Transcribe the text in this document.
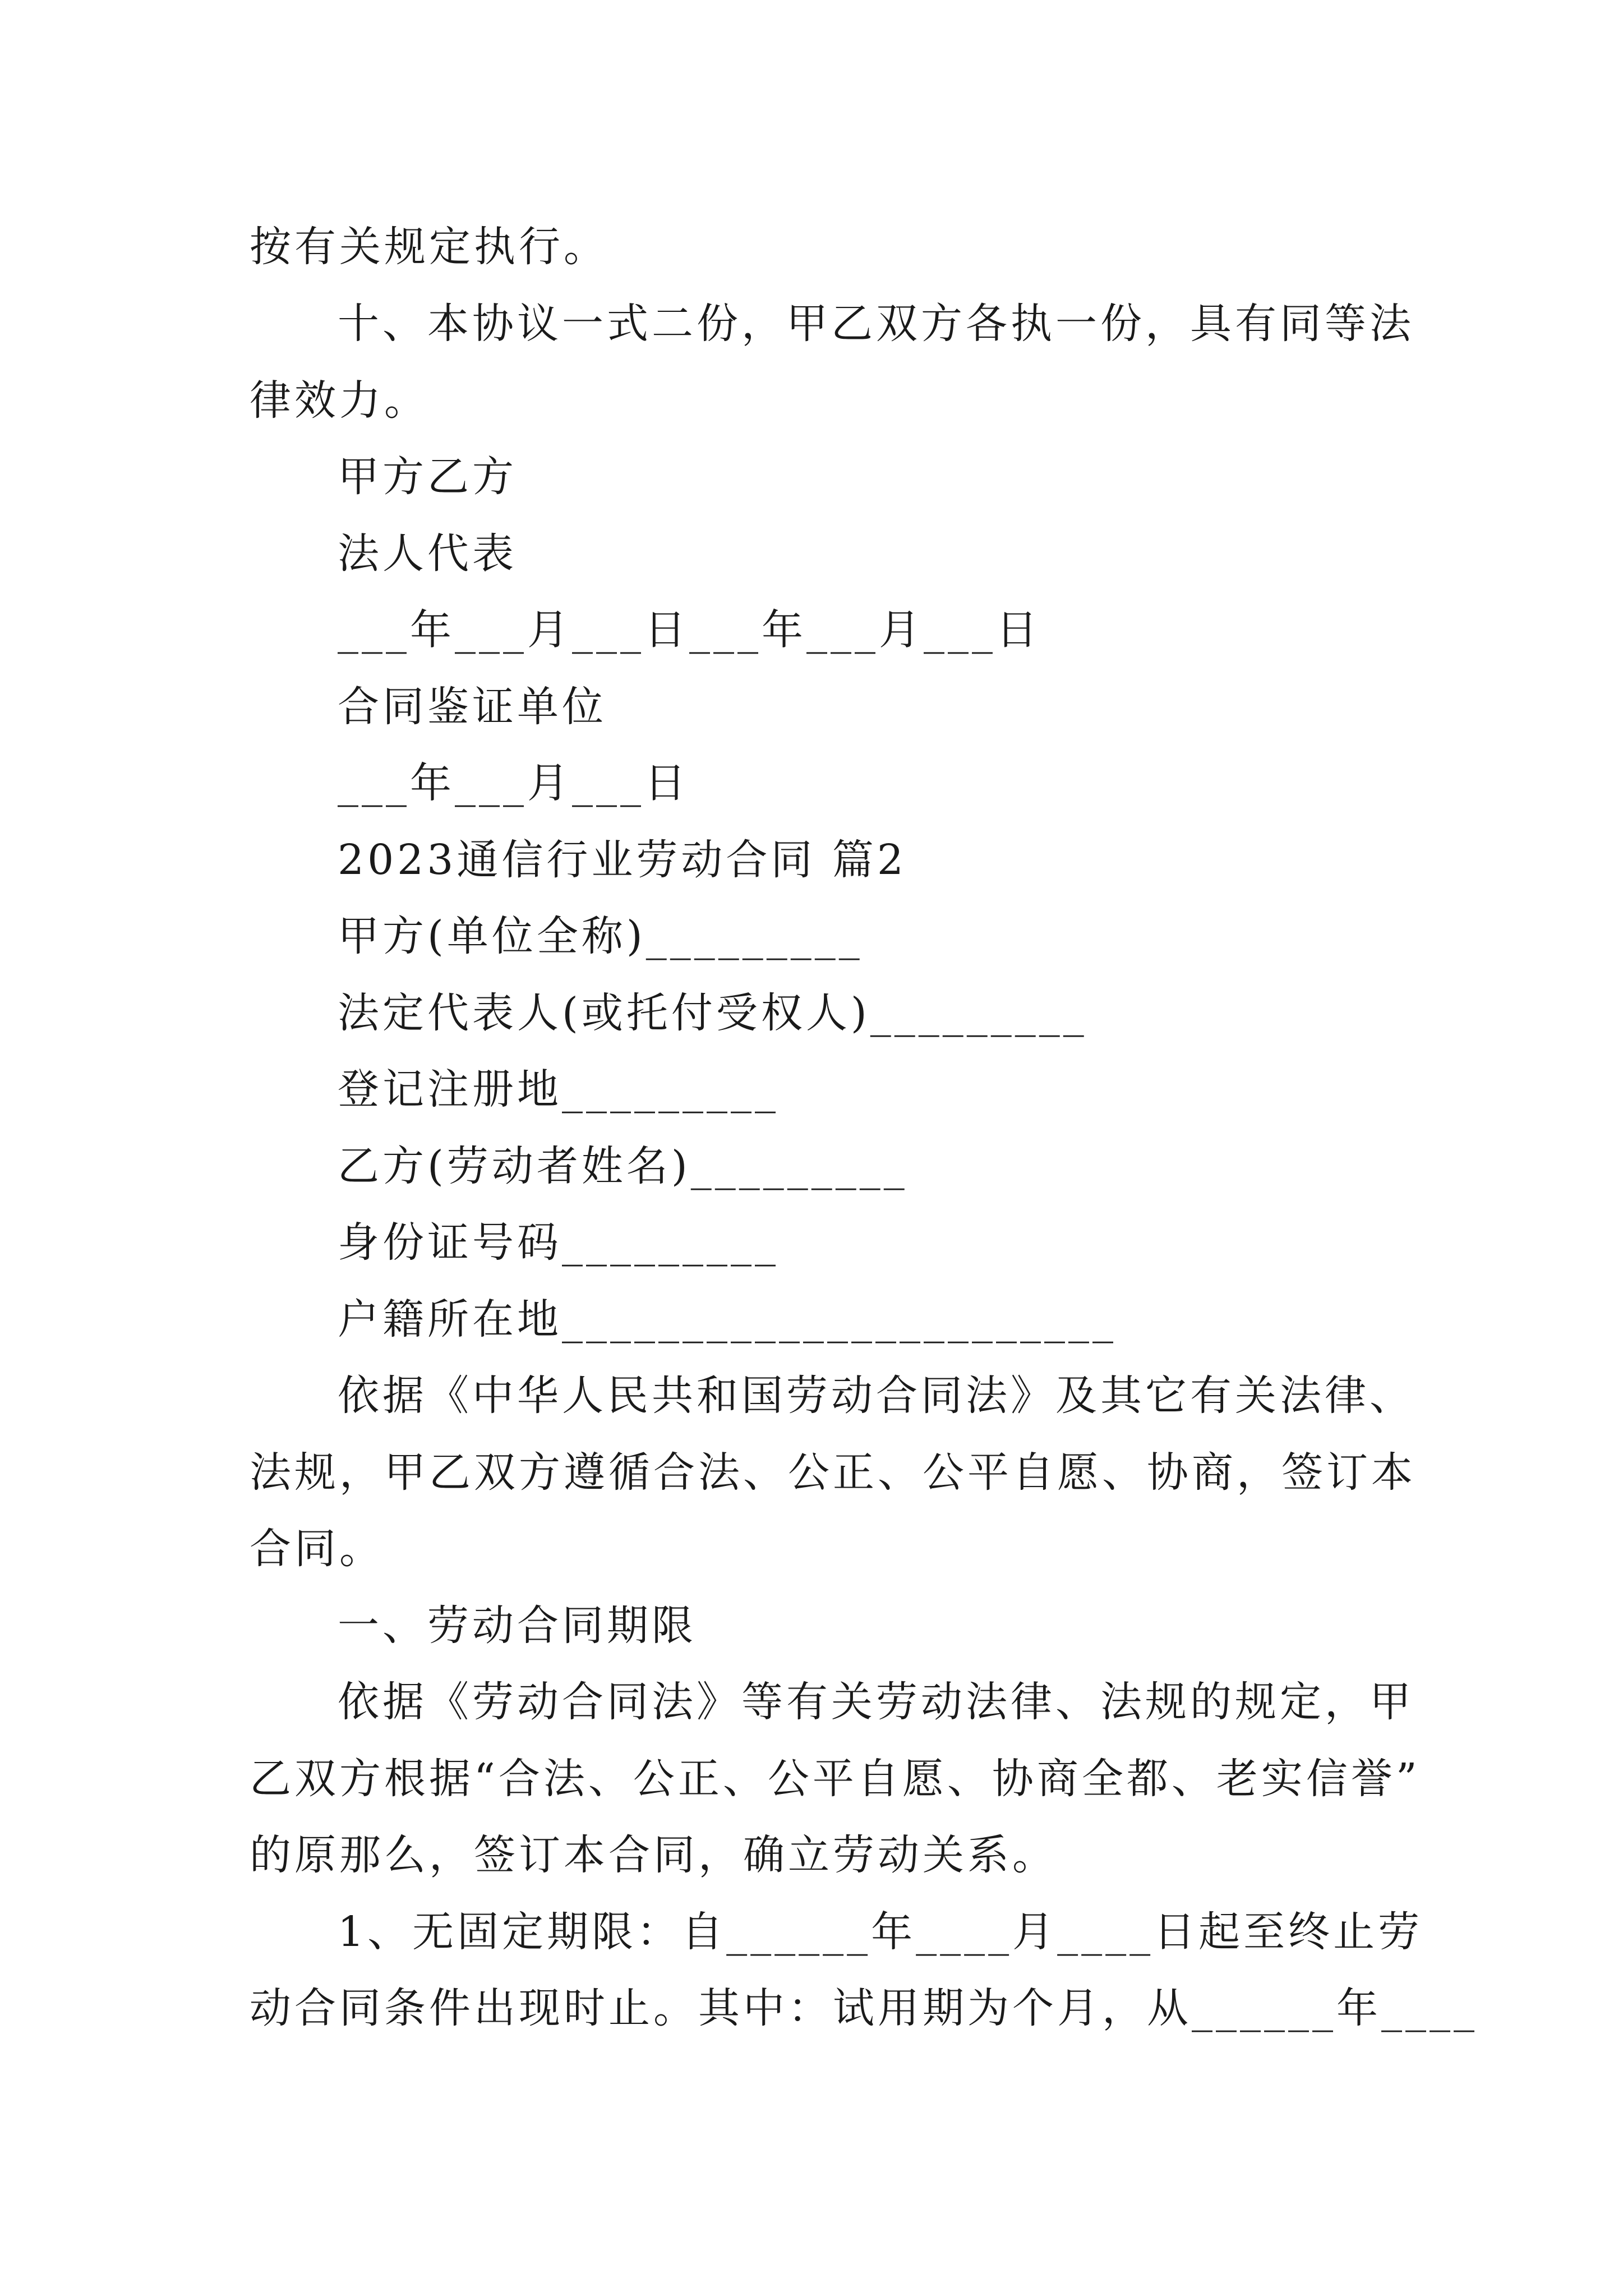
按有关规定执行。
十、本协议一式二份，甲乙双方各执一份，具有同等法
律效力。
甲方乙方
法人代表
___年___月___日___年___月___日
合同鉴证单位
___年___月___日
2023通信行业劳动合同 篇2
甲方(单位全称)_________
法定代表人(或托付受权人)_________
登记注册地_________
乙方(劳动者姓名)_________
身份证号码_________
户籍所在地_______________________
依据《中华人民共和国劳动合同法》及其它有关法律、
法规，甲乙双方遵循合法、公正、公平自愿、协商，签订本
合同。
一、劳动合同期限
依据《劳动合同法》等有关劳动法律、法规的规定，甲
乙双方根据“合法、公正、公平自愿、协商全都、老实信誉”
的原那么，签订本合同，确立劳动关系。
1、无固定期限：自______年____月____日起至终止劳
动合同条件出现时止。其中：试用期为个月，从______年____
